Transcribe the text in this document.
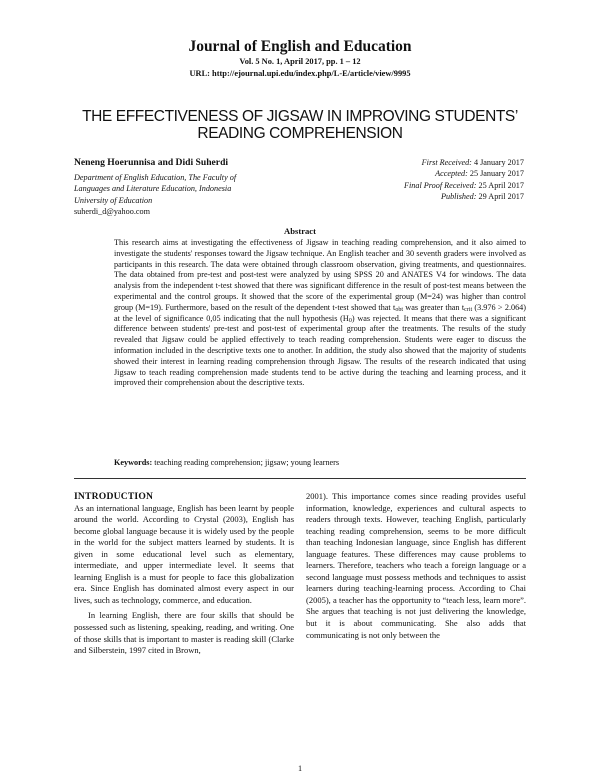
Journal of English and Education
Vol. 5 No. 1, April 2017, pp. 1 – 12
URL: http://ejournal.upi.edu/index.php/L-E/article/view/9995
THE EFFECTIVENESS OF JIGSAW IN IMPROVING STUDENTS’ READING COMPREHENSION
Neneng Hoerunnisa and Didi Suherdi
Department of English Education, The Faculty of
Languages and Literature Education, Indonesia
University of Education
suherdi_d@yahoo.com
First Received: 4 January 2017
Accepted: 25 January 2017
Final Proof Received: 25 April 2017
Published: 29 April 2017
Abstract

This research aims at investigating the effectiveness of Jigsaw in teaching reading comprehension, and it also aimed to investigate the students' responses toward the Jigsaw technique. An English teacher and 30 seventh graders were involved as participants in this research. The data were obtained through classroom observation, giving treatments, and questionnaires. The data obtained from pre-test and post-test were analyzed by using SPSS 20 and ANATES V4 for windows. The data analysis from the independent t-test showed that there was significant difference in the result of post-test means between the experimental and the control groups. It showed that the score of the experimental group (M=24) was higher than control group (M=19). Furthermore, based on the result of the dependent t-test showed that $t_{obt}$ was greater than $t_{crit}$ (3.976 > 2.064) at the level of significance 0,05 indicating that the null hypothesis $(H_0)$ was rejected. It means that there was a significant difference between students' pre-test and post-test of experimental group after the treatments. The results of the study revealed that Jigsaw could be applied effectively to teach reading comprehension. Students were eager to discuss the information included in the descriptive texts one to another. In addition, the study also showed that the majority of students showed their interest in learning reading comprehension through Jigsaw. The results of the research indicated that using Jigsaw to teach reading comprehension made students tend to be active during the teaching and learning process, and it improved their comprehension about the descriptive texts.

Keywords: teaching reading comprehension; jigsaw; young learners
INTRODUCTION

As an international language, English has been learnt by people around the world. According to Crystal (2003), English has become global language because it is widely used by the people in the world for the subject matters learned by students. It is given in some educational level such as elementary, intermediate, and upper intermediate level. It seems that learning English is a must for people to face this globalization era. Since English has dominated almost every aspect in our lives, such as technology, commerce, and education.

In learning English, there are four skills that should be possessed such as listening, speaking, reading, and writing. One of those skills that is important to master is reading skill (Clarke and Silberstein, 1997 cited in Brown,

2001). This importance comes since reading provides useful information, knowledge, experiences and cultural aspects to readers through texts. However, teaching English, particularly teaching reading comprehension, seems to be more difficult than teaching Indonesian language, since English has different language features. These differences may cause problems to learners. Therefore, teachers who teach a foreign language or a second language must possess methods and techniques to assist learners during teaching-learning process. According to Chai (2005), a teacher has the opportunity to “teach less, learn more”. She argues that teaching is not just delivering the knowledge, but it is about communicating. She also adds that communicating is not only between the

1
